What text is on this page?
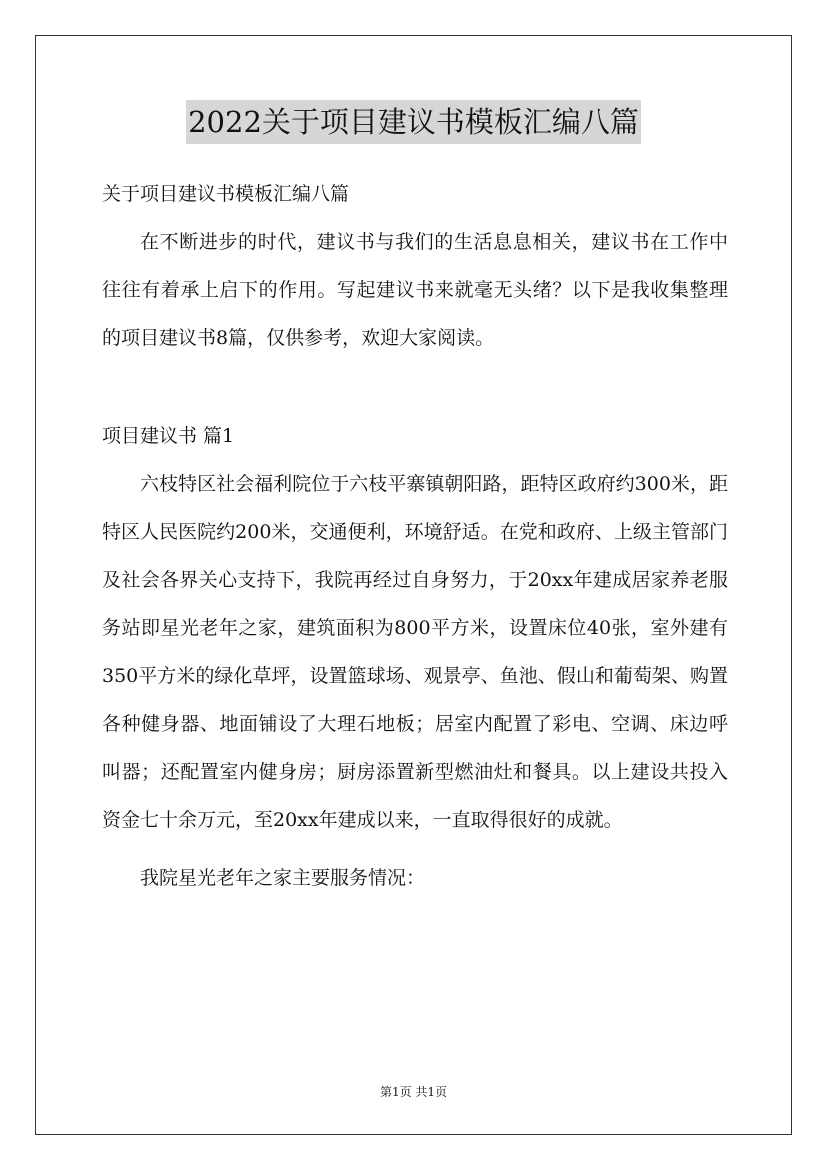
2022关于项目建议书模板汇编八篇

关于项目建议书模板汇编八篇

在不断进步的时代，建议书与我们的生活息息相关，建议书在工作中往往有着承上启下的作用。写起建议书来就毫无头绪？以下是我收集整理的项目建议书8篇，仅供参考，欢迎大家阅读。

项目建议书 篇1

六枝特区社会福利院位于六枝平寨镇朝阳路，距特区政府约300米，距特区人民医院约200米，交通便利，环境舒适。在党和政府、上级主管部门及社会各界关心支持下，我院再经过自身努力，于20xx年建成居家养老服务站即星光老年之家，建筑面积为800平方米，设置床位40张，室外建有350平方米的绿化草坪，设置篮球场、观景亭、鱼池、假山和葡萄架、购置各种健身器、地面铺设了大理石地板；居室内配置了彩电、空调、床边呼叫器；还配置室内健身房；厨房添置新型燃油灶和餐具。以上建设共投入资金七十余万元，至20xx年建成以来，一直取得很好的成就。

我院星光老年之家主要服务情况：

第1页 共1页
